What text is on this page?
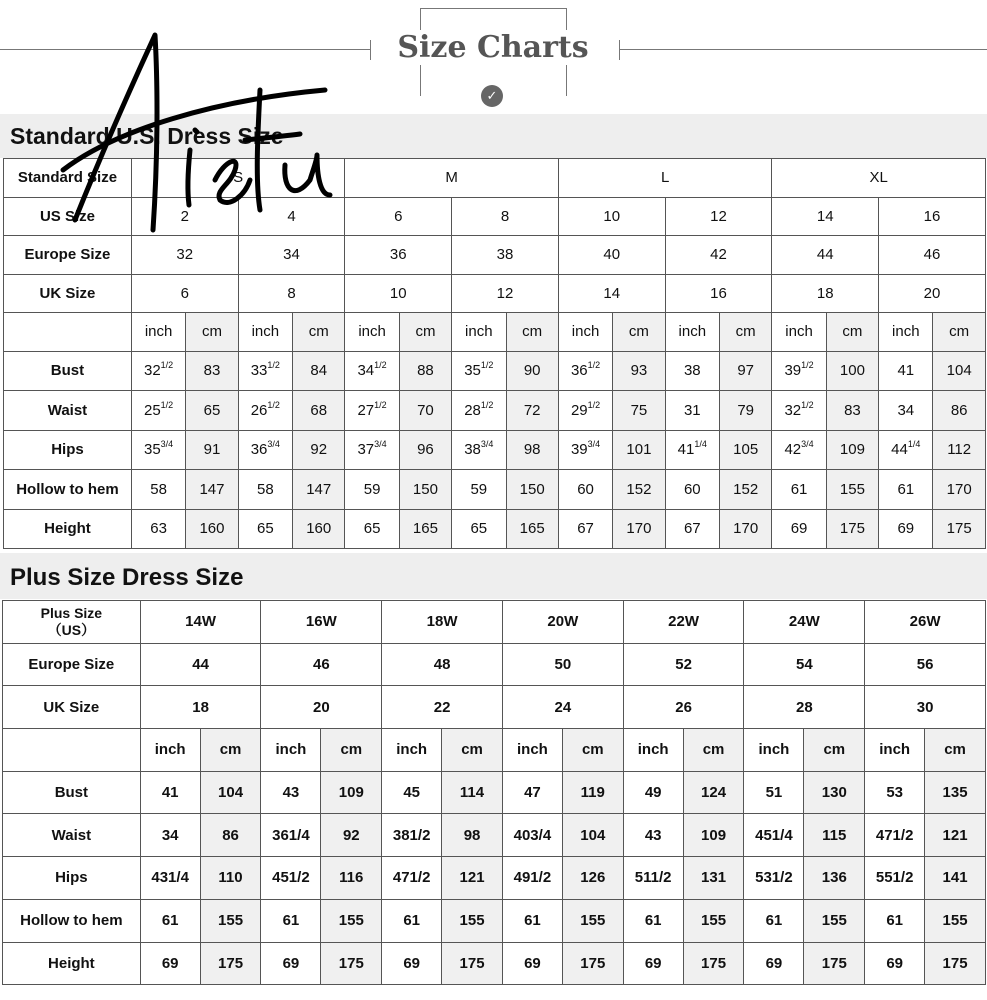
Size Charts
✓
Standard U.S. Dress Size
Standard Size	S				M				L				XL			
US Size	2		4		6		8		10		12		14		16	
Europe Size	32		34		36		38		40		42		44		46	
UK Size	6		8		10		12		14		16		18		20	
	inch	cm	inch	cm	inch	cm	inch	cm	inch	cm	inch	cm	inch	cm	inch	cm
Bust	$32^{1/2}$	83	$33^{1/2}$	84	$34^{1/2}$	88	$35^{1/2}$	90	$36^{1/2}$	93	38	97	$39^{1/2}$	100	41	104
Waist	$25^{1/2}$	65	$26^{1/2}$	68	$27^{1/2}$	70	$28^{1/2}$	72	$29^{1/2}$	75	31	79	$32^{1/2}$	83	34	86
Hips	$35^{3/4}$	91	$36^{3/4}$	92	$37^{3/4}$	96	$38^{3/4}$	98	$39^{3/4}$	101	$41^{1/4}$	105	$42^{3/4}$	109	$44^{1/4}$	112
Hollow to hem	58	147	58	147	59	150	59	150	60	152	60	152	61	155	61	170
Height	63	160	65	160	65	165	65	165	67	170	67	170	69	175	69	175
Plus Size Dress Size
Plus Size
（US）	14W		16W		18W		20W		22W		24W		26W	
Europe Size	44		46		48		50		52		54		56	
UK Size	18		20		22		24		26		28		30	
	inch	cm	inch	cm	inch	cm	inch	cm	inch	cm	inch	cm	inch	cm
Bust	41	104	43	109	45	114	47	119	49	124	51	130	53	135
Waist	34	86	361/4	92	381/2	98	403/4	104	43	109	451/4	115	471/2	121
Hips	431/4	110	451/2	116	471/2	121	491/2	126	511/2	131	531/2	136	551/2	141
Hollow to hem	61	155	61	155	61	155	61	155	61	155	61	155	61	155
Height	69	175	69	175	69	175	69	175	69	175	69	175	69	175
